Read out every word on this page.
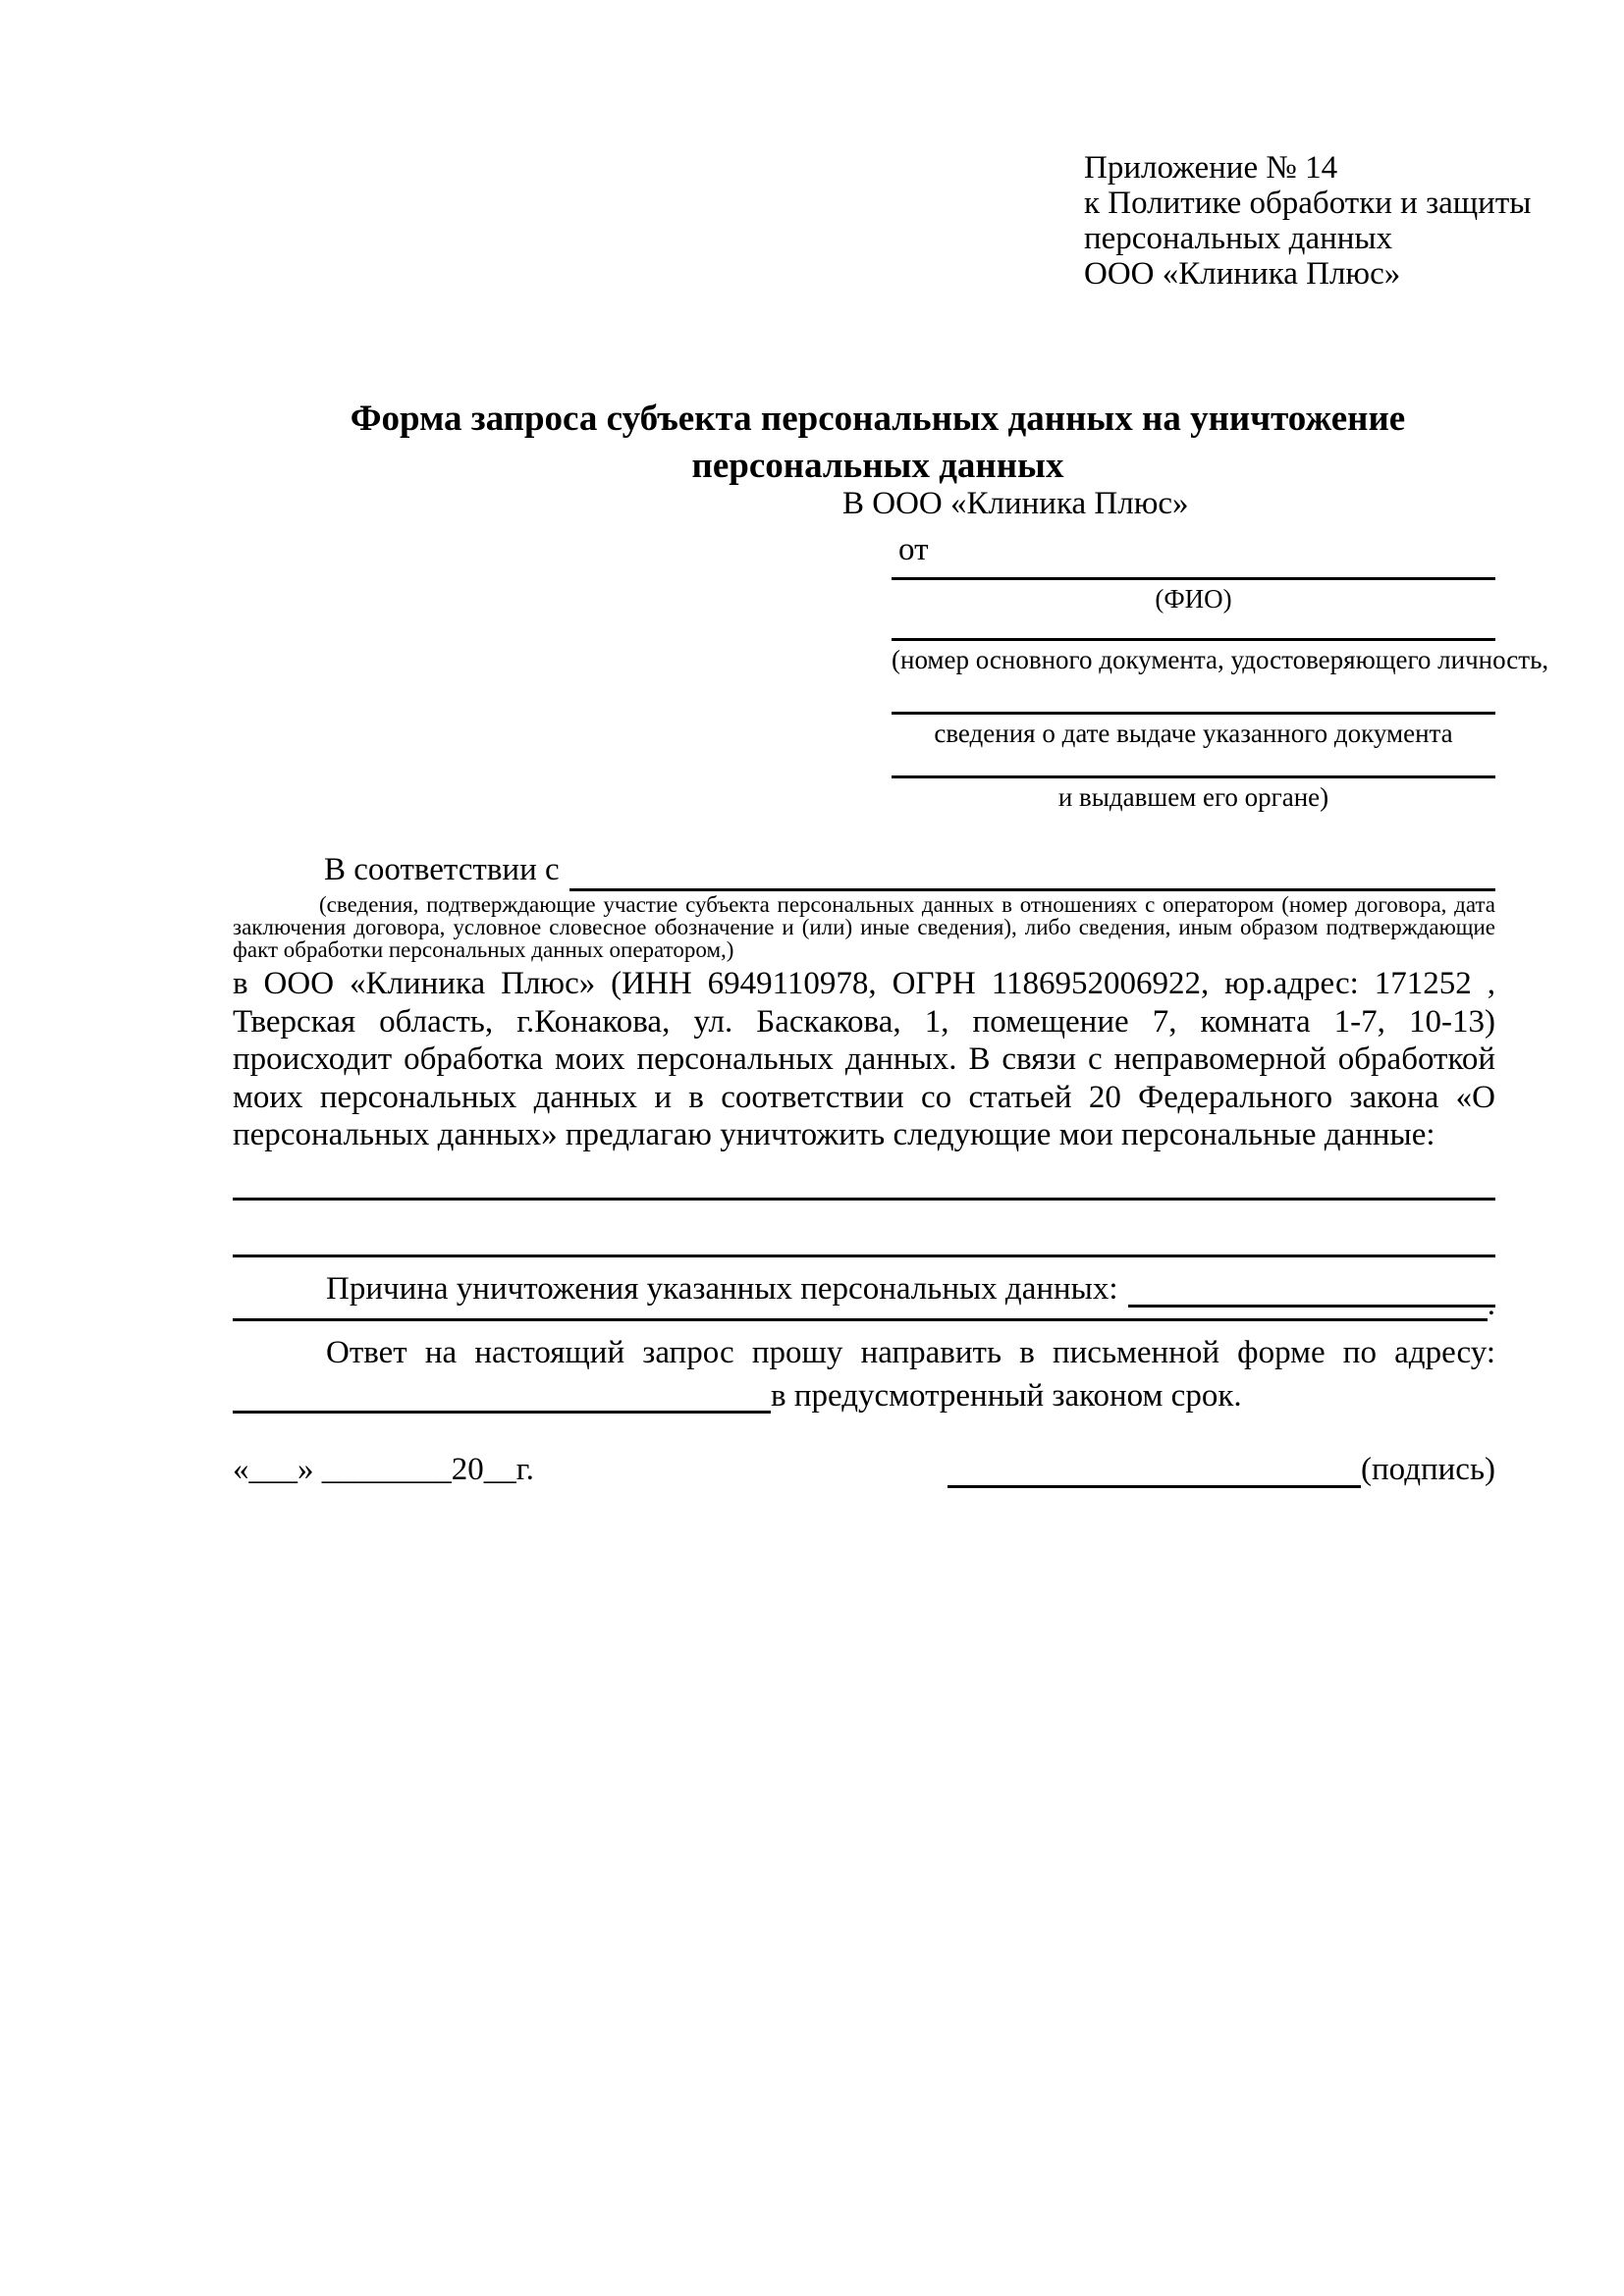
Приложение № 14
к Политике обработки и защиты
персональных данных
ООО «Клиника Плюс»
Форма запроса субъекта персональных данных на уничтожение
персональных данных
В ООО «Клиника Плюс»
от
(ФИО)
(номер основного документа, удостоверяющего личность,
сведения о дате выдаче указанного документа
и выдавшем его органе)
В соответствии с
(сведения, подтверждающие участие субъекта персональных данных в отношениях с оператором (номер договора, дата заключения договора, условное словесное обозначение и (или) иные сведения), либо сведения, иным образом подтверждающие факт обработки персональных данных оператором,)
в ООО «Клиника Плюс» (ИНН 6949110978, ОГРН 1186952006922, юр.адрес: 171252 , Тверская область, г.Конакова, ул. Баскакова, 1, помещение 7, комната 1-7, 10-13) происходит обработка моих персональных данных. В связи с неправомерной обработкой моих персональных данных и в соответствии со статьей 20 Федерального закона «О персональных данных» предлагаю уничтожить следующие мои персональные данные:
Причина уничтожения указанных персональных данных:	.
Ответ на настоящий запрос прошу направить в письменной форме по адресу:
в предусмотренный законом срок.
«___» ________20__г.	(подпись)
